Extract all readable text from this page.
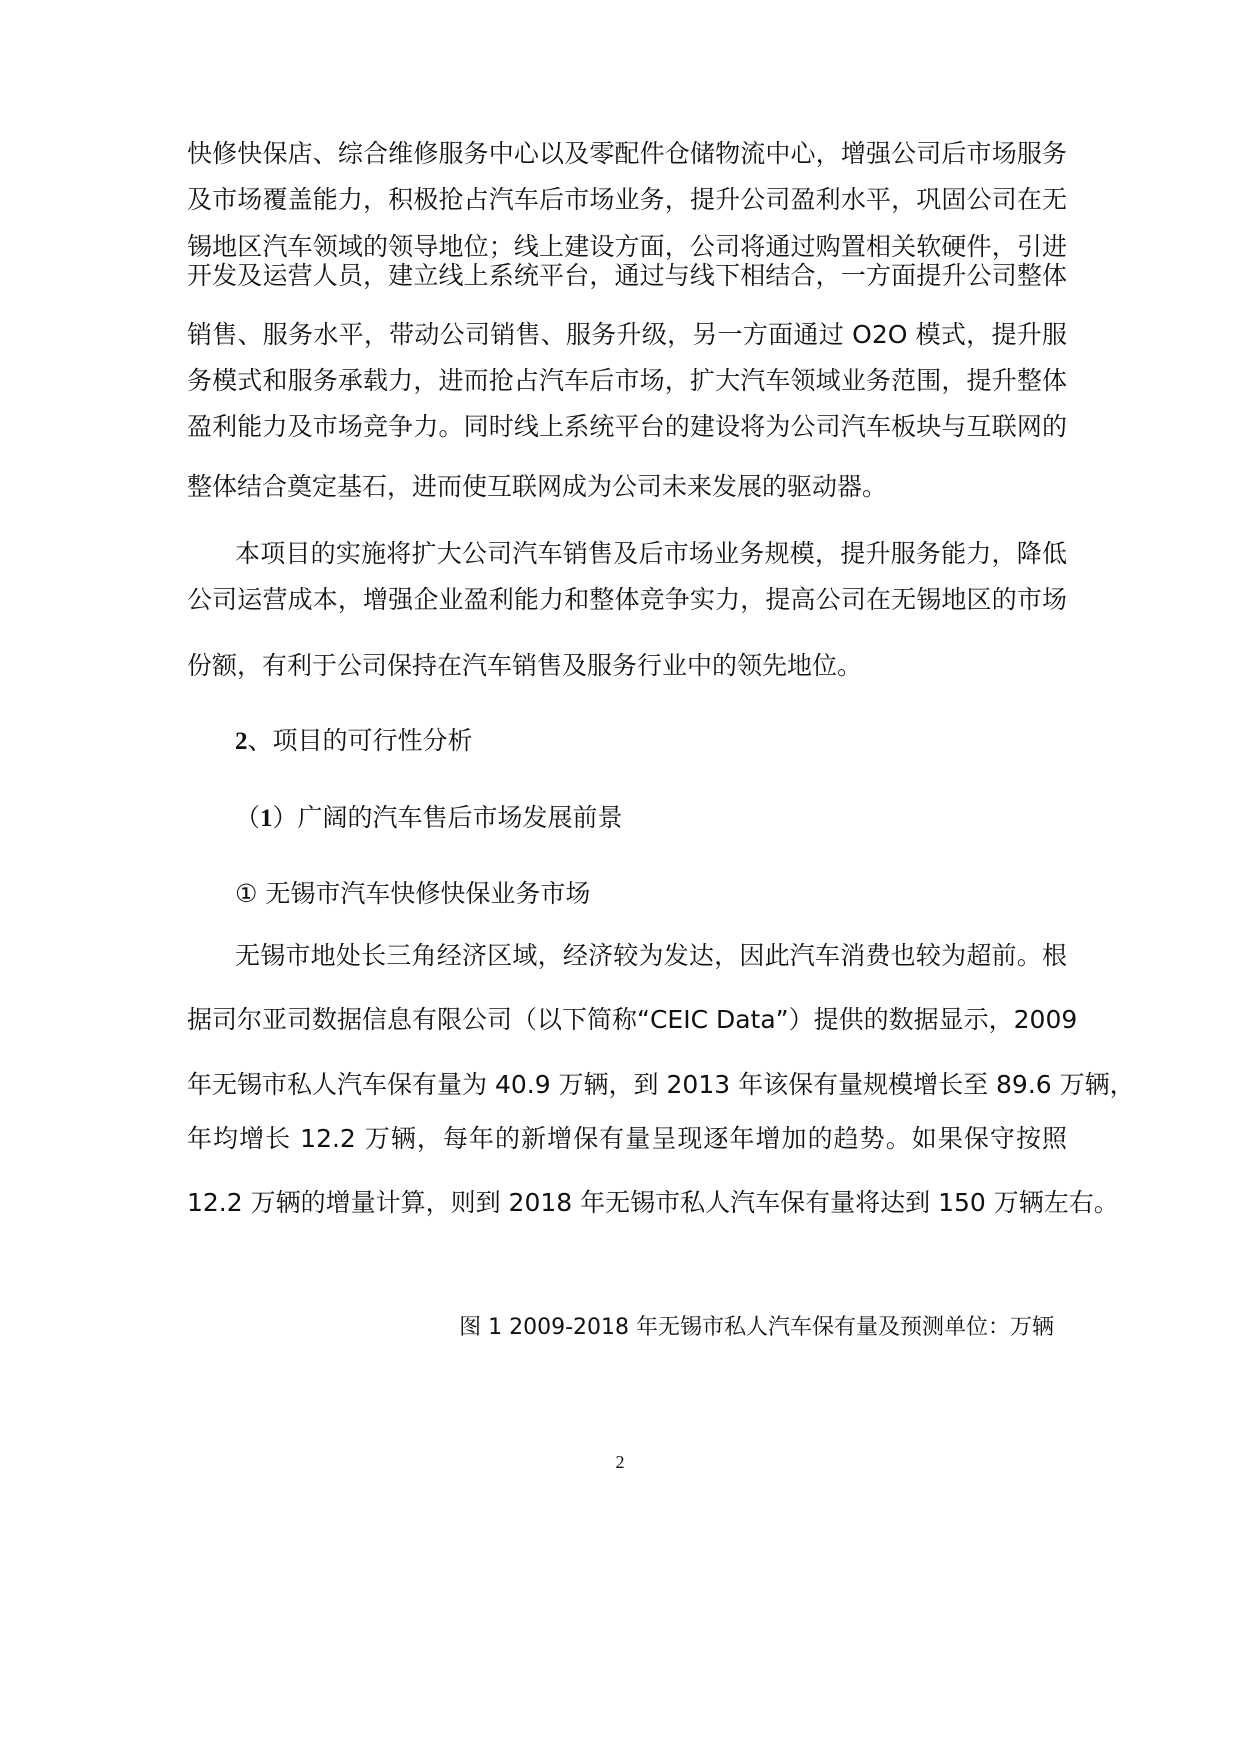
快修快保店、综合维修服务中心以及零配件仓储物流中心，增强公司后市场服务

及市场覆盖能力，积极抢占汽车后市场业务，提升公司盈利水平，巩固公司在无

锡地区汽车领域的领导地位；线上建设方面，公司将通过购置相关软硬件，引进

开发及运营人员，建立线上系统平台，通过与线下相结合，一方面提升公司整体

销售、服务水平，带动公司销售、服务升级，另一方面通过 O2O 模式，提升服

务模式和服务承载力，进而抢占汽车后市场，扩大汽车领域业务范围，提升整体

盈利能力及市场竞争力。同时线上系统平台的建设将为公司汽车板块与互联网的

整体结合奠定基石，进而使互联网成为公司未来发展的驱动器。

本项目的实施将扩大公司汽车销售及后市场业务规模，提升服务能力，降低

公司运营成本，增强企业盈利能力和整体竞争实力，提高公司在无锡地区的市场

份额，有利于公司保持在汽车销售及服务行业中的领先地位。

2、项目的可行性分析

（1）广阔的汽车售后市场发展前景

① 无锡市汽车快修快保业务市场

无锡市地处长三角经济区域，经济较为发达，因此汽车消费也较为超前。根

据司尔亚司数据信息有限公司（以下简称“CEIC Data”）提供的数据显示，2009

年无锡市私人汽车保有量为 40.9 万辆，到 2013 年该保有量规模增长至 89.6 万辆，

年均增长 12.2 万辆，每年的新增保有量呈现逐年增加的趋势。如果保守按照

12.2 万辆的增量计算，则到 2018 年无锡市私人汽车保有量将达到 150 万辆左右。

图 1 2009-2018 年无锡市私人汽车保有量及预测单位：万辆
2
